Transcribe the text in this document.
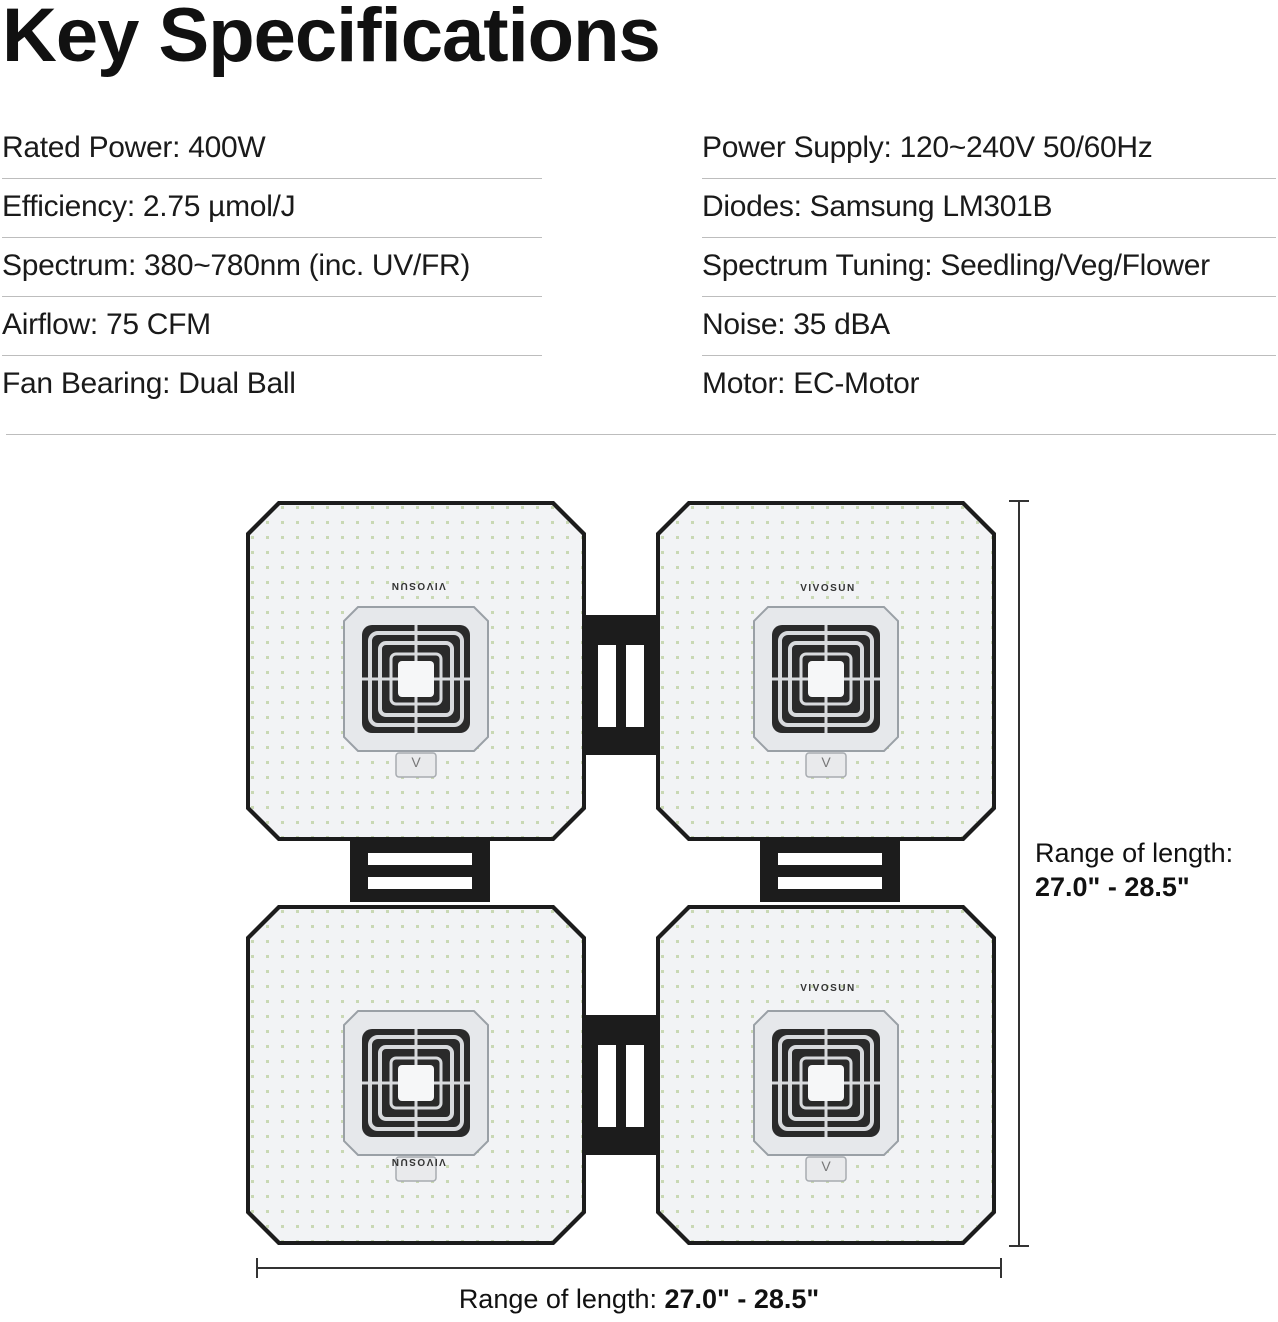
Key Specifications
Rated Power: 400W
Efficiency: 2.75 µmol/J
Spectrum: 380~780nm (inc. UV/FR)
Airflow: 75 CFM
Fan Bearing: Dual Ball
Power Supply: 120~240V 50/60Hz
Diodes: Samsung LM301B
Spectrum Tuning: Seedling/Veg/Flower
Noise: 35 dBA
Motor: EC-Motor
VIVOSUN	VIVOSUN
VIVOSUN
VIVOSUN
V	V
V
Range of length:
27.0" - 28.5"
Range of length: 27.0" - 28.5"
